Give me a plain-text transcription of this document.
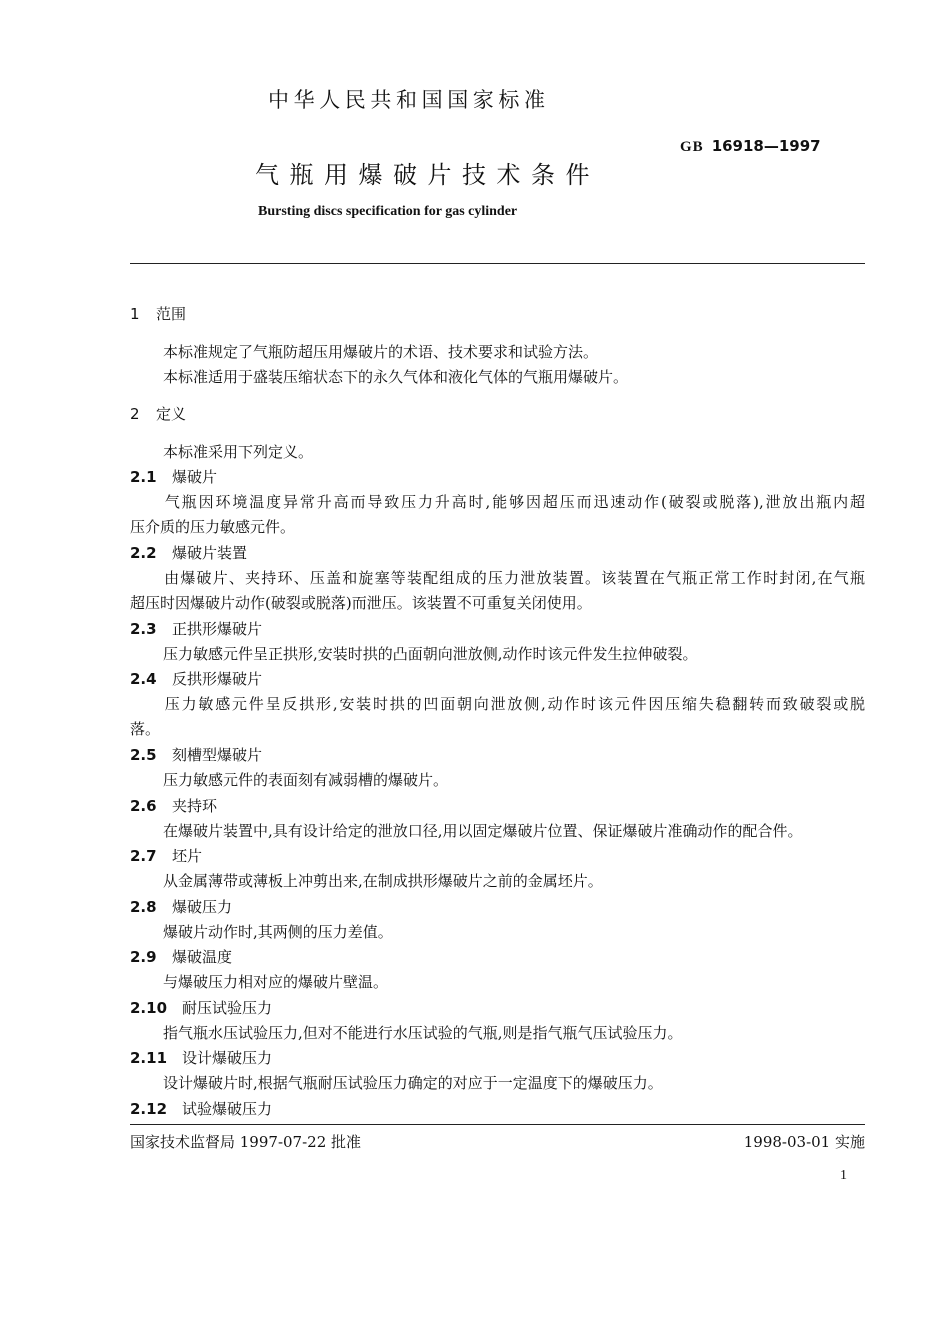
中华人民共和国国家标准
GB 16918—1997
气瓶用爆破片技术条件
Bursting discs specification for gas cylinder
1 范围
本标准规定了气瓶防超压用爆破片的术语、技术要求和试验方法。
本标准适用于盛装压缩状态下的永久气体和液化气体的气瓶用爆破片。
2 定义
本标准采用下列定义。
2.1 爆破片
气瓶因环境温度异常升高而导致压力升高时,能够因超压而迅速动作(破裂或脱落),泄放出瓶内超
压介质的压力敏感元件。
2.2 爆破片装置
由爆破片、夹持环、压盖和旋塞等装配组成的压力泄放装置。该装置在气瓶正常工作时封闭,在气瓶
超压时因爆破片动作(破裂或脱落)而泄压。该装置不可重复关闭使用。
2.3 正拱形爆破片
压力敏感元件呈正拱形,安装时拱的凸面朝向泄放侧,动作时该元件发生拉伸破裂。
2.4 反拱形爆破片
压力敏感元件呈反拱形,安装时拱的凹面朝向泄放侧,动作时该元件因压缩失稳翻转而致破裂或脱
落。
2.5 刻槽型爆破片
压力敏感元件的表面刻有减弱槽的爆破片。
2.6 夹持环
在爆破片装置中,具有设计给定的泄放口径,用以固定爆破片位置、保证爆破片准确动作的配合件。
2.7 坯片
从金属薄带或薄板上冲剪出来,在制成拱形爆破片之前的金属坯片。
2.8 爆破压力
爆破片动作时,其两侧的压力差值。
2.9 爆破温度
与爆破压力相对应的爆破片壁温。
2.10 耐压试验压力
指气瓶水压试验压力,但对不能进行水压试验的气瓶,则是指气瓶气压试验压力。
2.11 设计爆破压力
设计爆破片时,根据气瓶耐压试验压力确定的对应于一定温度下的爆破压力。
2.12 试验爆破压力
国家技术监督局 1997-07-22 批准	1998-03-01 实施
1
